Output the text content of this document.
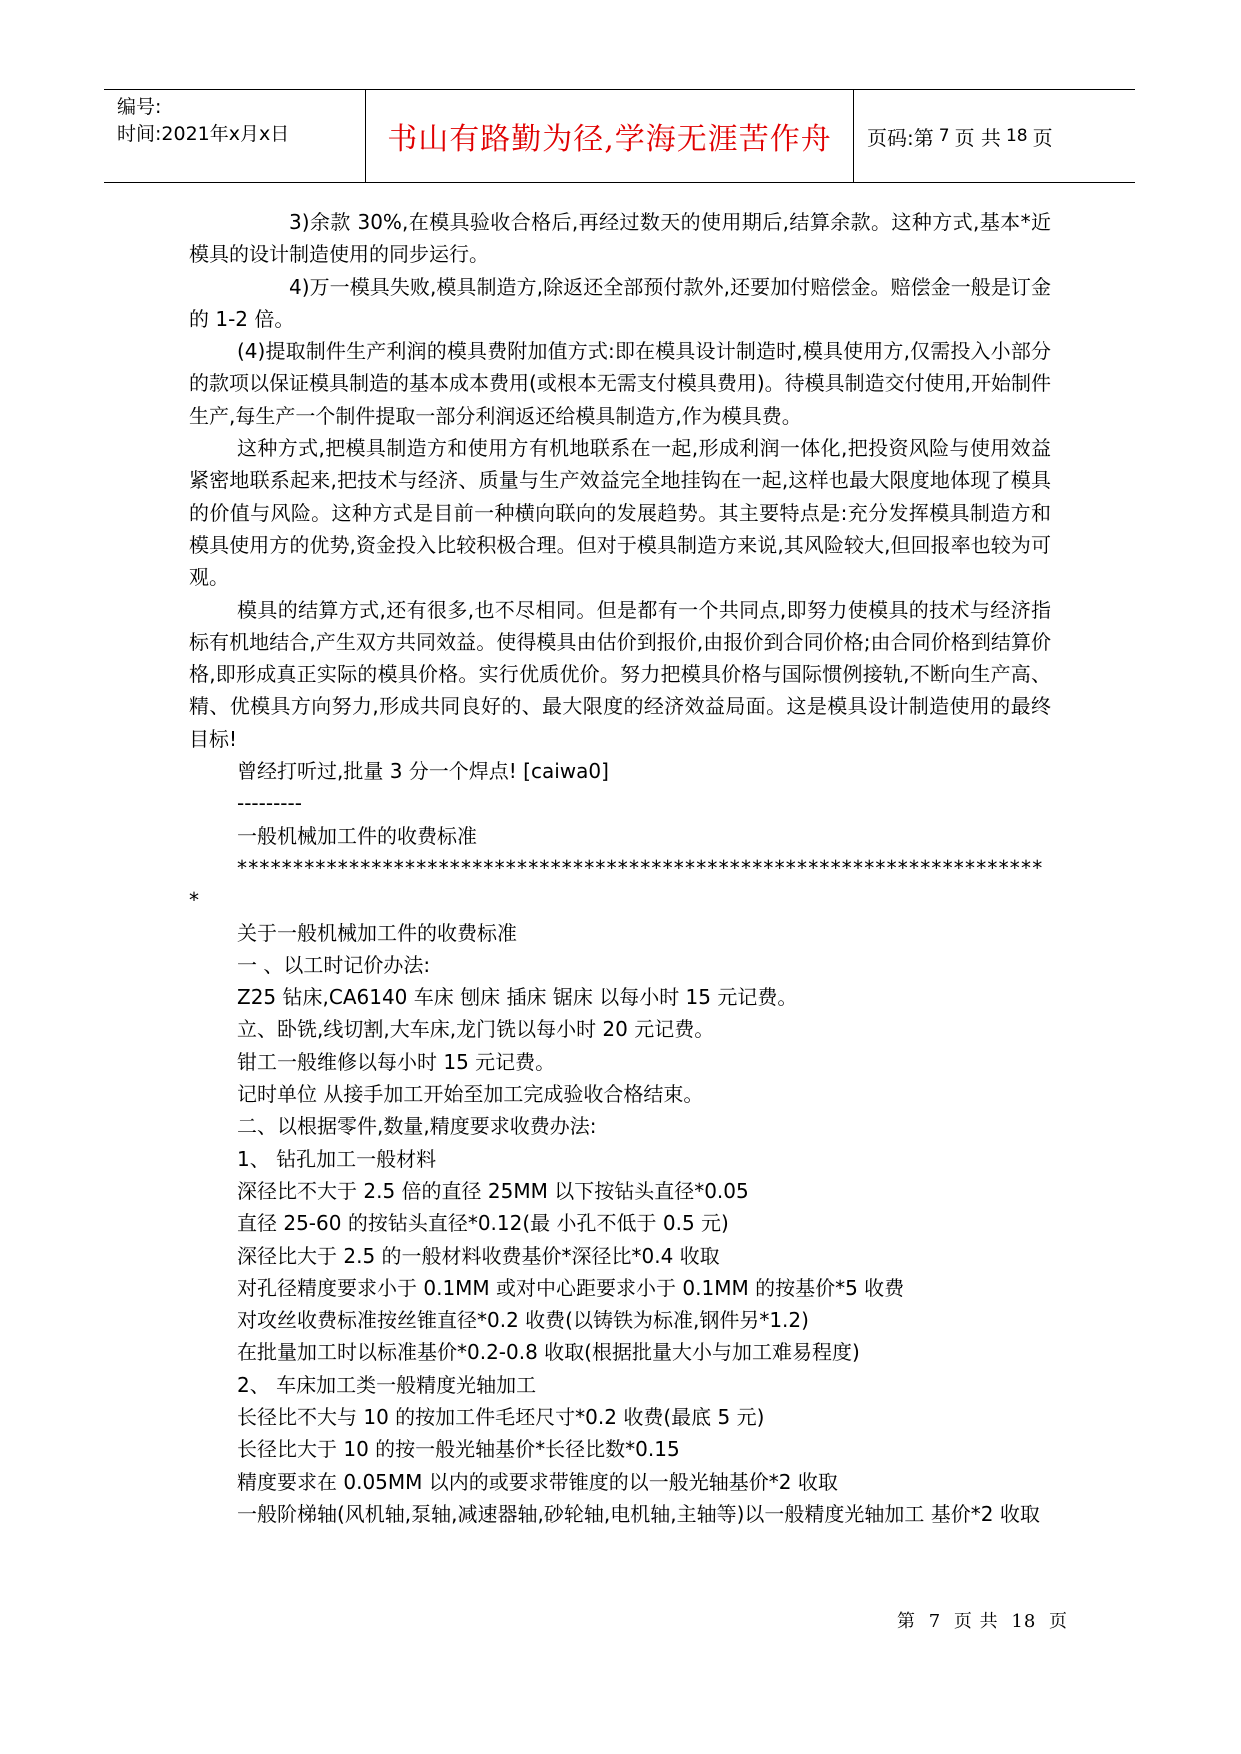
编号:
时间:2021年x月x日	书山有路勤为径,学海无涯苦作舟	页码:第 7 页 共 18 页

3)余款 30%,在模具验收合格后,再经过数天的使用期后,结算余款。这种方式,基本*近模具的设计制造使用的同步运行。

4)万一模具失败,模具制造方,除返还全部预付款外,还要加付赔偿金。赔偿金一般是订金的 1-2 倍。

(4)提取制件生产利润的模具费附加值方式:即在模具设计制造时,模具使用方,仅需投入小部分的款项以保证模具制造的基本成本费用(或根本无需支付模具费用)。待模具制造交付使用,开始制件生产,每生产一个制件提取一部分利润返还给模具制造方,作为模具费。

这种方式,把模具制造方和使用方有机地联系在一起,形成利润一体化,把投资风险与使用效益紧密地联系起来,把技术与经济、质量与生产效益完全地挂钩在一起,这样也最大限度地体现了模具的价值与风险。这种方式是目前一种横向联向的发展趋势。其主要特点是:充分发挥模具制造方和模具使用方的优势,资金投入比较积极合理。但对于模具制造方来说,其风险较大,但回报率也较为可观。

模具的结算方式,还有很多,也不尽相同。但是都有一个共同点,即努力使模具的技术与经济指标有机地结合,产生双方共同效益。使得模具由估价到报价,由报价到合同价格;由合同价格到结算价格,即形成真正实际的模具价格。实行优质优价。努力把模具价格与国际惯例接轨,不断向生产高、精、优模具方向努力,形成共同良好的、最大限度的经济效益局面。这是模具设计制造使用的最终目标!

曾经打听过,批量 3 分一个焊点! [caiwa0]

---------

一般机械加工件的收费标准

*************************************************************************

关于一般机械加工件的收费标准

一 、以工时记价办法:

Z25 钻床,CA6140 车床 刨床 插床 锯床 以每小时 15 元记费。

立、卧铣,线切割,大车床,龙门铣以每小时 20 元记费。

钳工一般维修以每小时 15 元记费。

记时单位 从接手加工开始至加工完成验收合格结束。

二、以根据零件,数量,精度要求收费办法:

1、 钻孔加工一般材料

深径比不大于 2.5 倍的直径 25MM 以下按钻头直径*0.05

直径 25-60 的按钻头直径*0.12(最 小孔不低于 0.5 元)

深径比大于 2.5 的一般材料收费基价*深径比*0.4 收取

对孔径精度要求小于 0.1MM 或对中心距要求小于 0.1MM 的按基价*5 收费

对攻丝收费标准按丝锥直径*0.2 收费(以铸铁为标准,钢件另*1.2)

在批量加工时以标准基价*0.2-0.8 收取(根据批量大小与加工难易程度)

2、 车床加工类一般精度光轴加工

长径比不大与 10 的按加工件毛坯尺寸*0.2 收费(最底 5 元)

长径比大于 10 的按一般光轴基价*长径比数*0.15

精度要求在 0.05MM 以内的或要求带锥度的以一般光轴基价*2 收取

一般阶梯轴(风机轴,泵轴,减速器轴,砂轮轴,电机轴,主轴等)以一般精度光轴加工 基价*2 收取

第 7 页 共 18 页
